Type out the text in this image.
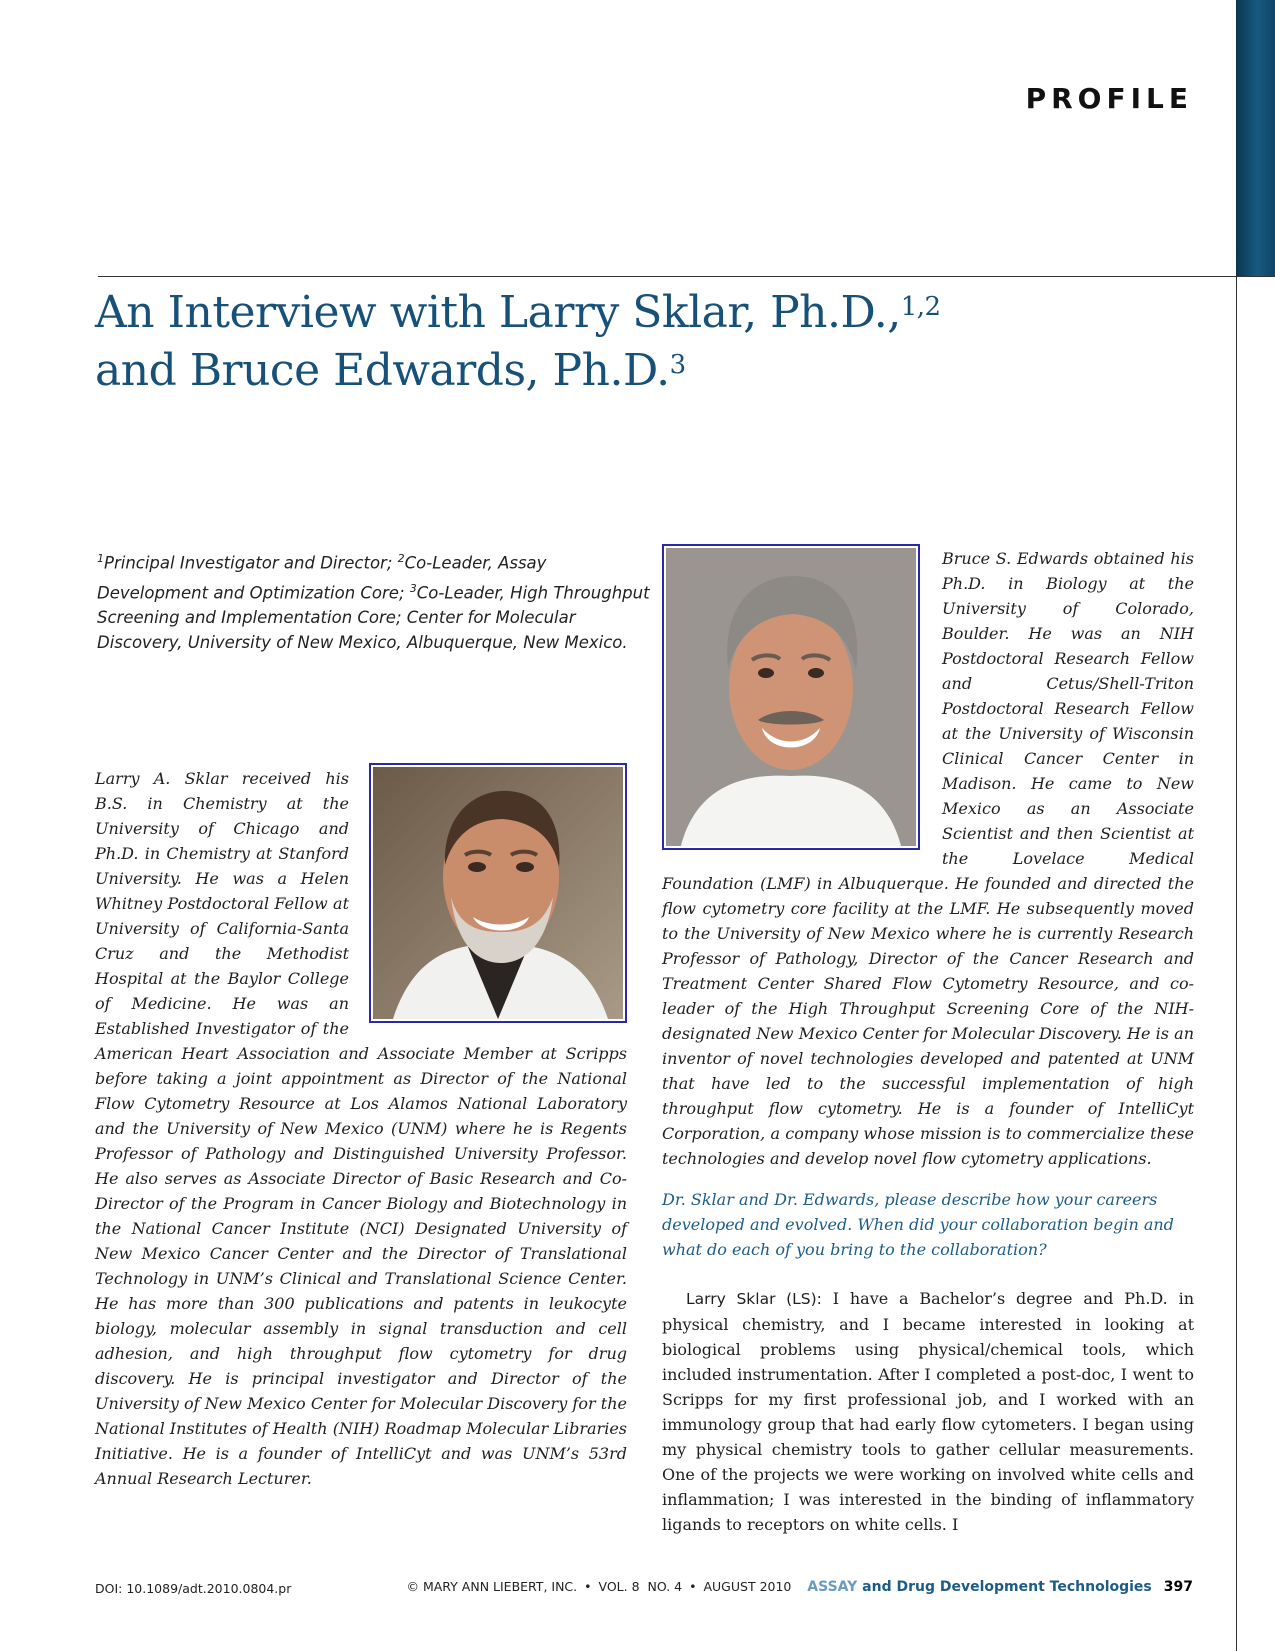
PROFILE
An Interview with Larry Sklar, Ph.D.,$^{1,2}$
and Bruce Edwards, Ph.D.$^3$

$^1$Principal Investigator and Director; $^2$Co-Leader, Assay Development and Optimization Core; $^3$Co-Leader, High Throughput Screening and Implementation Core; Center for Molecular Discovery, University of New Mexico, Albuquerque, New Mexico.

Larry A. Sklar received his B.S. in Chemistry at the University of Chicago and Ph.D. in Chemistry at Stanford University. He was a Helen Whitney Postdoctoral Fellow at University of California-Santa Cruz and the Methodist Hospital at the Baylor College of Medicine. He was an Established Investigator of the American Heart Association and Associate Member at Scripps before taking a joint appointment as Director of the National Flow Cytometry Resource at Los Alamos National Laboratory and the University of New Mexico (UNM) where he is Regents Professor of Pathology and Distinguished University Professor. He also serves as Associate Director of Basic Research and Co-Director of the Program in Cancer Biology and Biotechnology in the National Cancer Institute (NCI) Designated University of New Mexico Cancer Center and the Director of Translational Technology in UNM’s Clinical and Translational Science Center. He has more than 300 publications and patents in leukocyte biology, molecular assembly in signal transduction and cell adhesion, and high throughput flow cytometry for drug discovery. He is principal investigator and Director of the University of New Mexico Center for Molecular Discovery for the National Institutes of Health (NIH) Roadmap Molecular Libraries Initiative. He is a founder of IntelliCyt and was UNM’s 53rd Annual Research Lecturer.

Bruce S. Edwards obtained his Ph.D. in Biology at the University of Colorado, Boulder. He was an NIH Postdoctoral Research Fellow and Cetus/Shell-Triton Postdoctoral Research Fellow at the University of Wisconsin Clinical Cancer Center in Madison. He came to New Mexico as an Associate Scientist and then Scientist at the Lovelace Medical Foundation (LMF) in Albuquerque. He founded and directed the flow cytometry core facility at the LMF. He subsequently moved to the University of New Mexico where he is currently Research Professor of Pathology, Director of the Cancer Research and Treatment Center Shared Flow Cytometry Resource, and co-leader of the High Throughput Screening Core of the NIH-designated New Mexico Center for Molecular Discovery. He is an inventor of novel technologies developed and patented at UNM that have led to the successful implementation of high throughput flow cytometry. He is a founder of IntelliCyt Corporation, a company whose mission is to commercialize these technologies and develop novel flow cytometry applications.

Dr. Sklar and Dr. Edwards, please describe how your careers developed and evolved. When did your collaboration begin and what do each of you bring to the collaboration?

Larry Sklar (LS): I have a Bachelor’s degree and Ph.D. in physical chemistry, and I became interested in looking at biological problems using physical/chemical tools, which included instrumentation. After I completed a post-doc, I went to Scripps for my first professional job, and I worked with an immunology group that had early flow cytometers. I began using my physical chemistry tools to gather cellular measurements. One of the projects we were working on involved white cells and inflammation; I was interested in the binding of inflammatory ligands to receptors on white cells. I

DOI: 10.1089/adt.2010.0804.pr	© MARY ANN LIEBERT, INC. • VOL. 8 NO. 4 • AUGUST 2010 ASSAY and Drug Development Technologies 397
